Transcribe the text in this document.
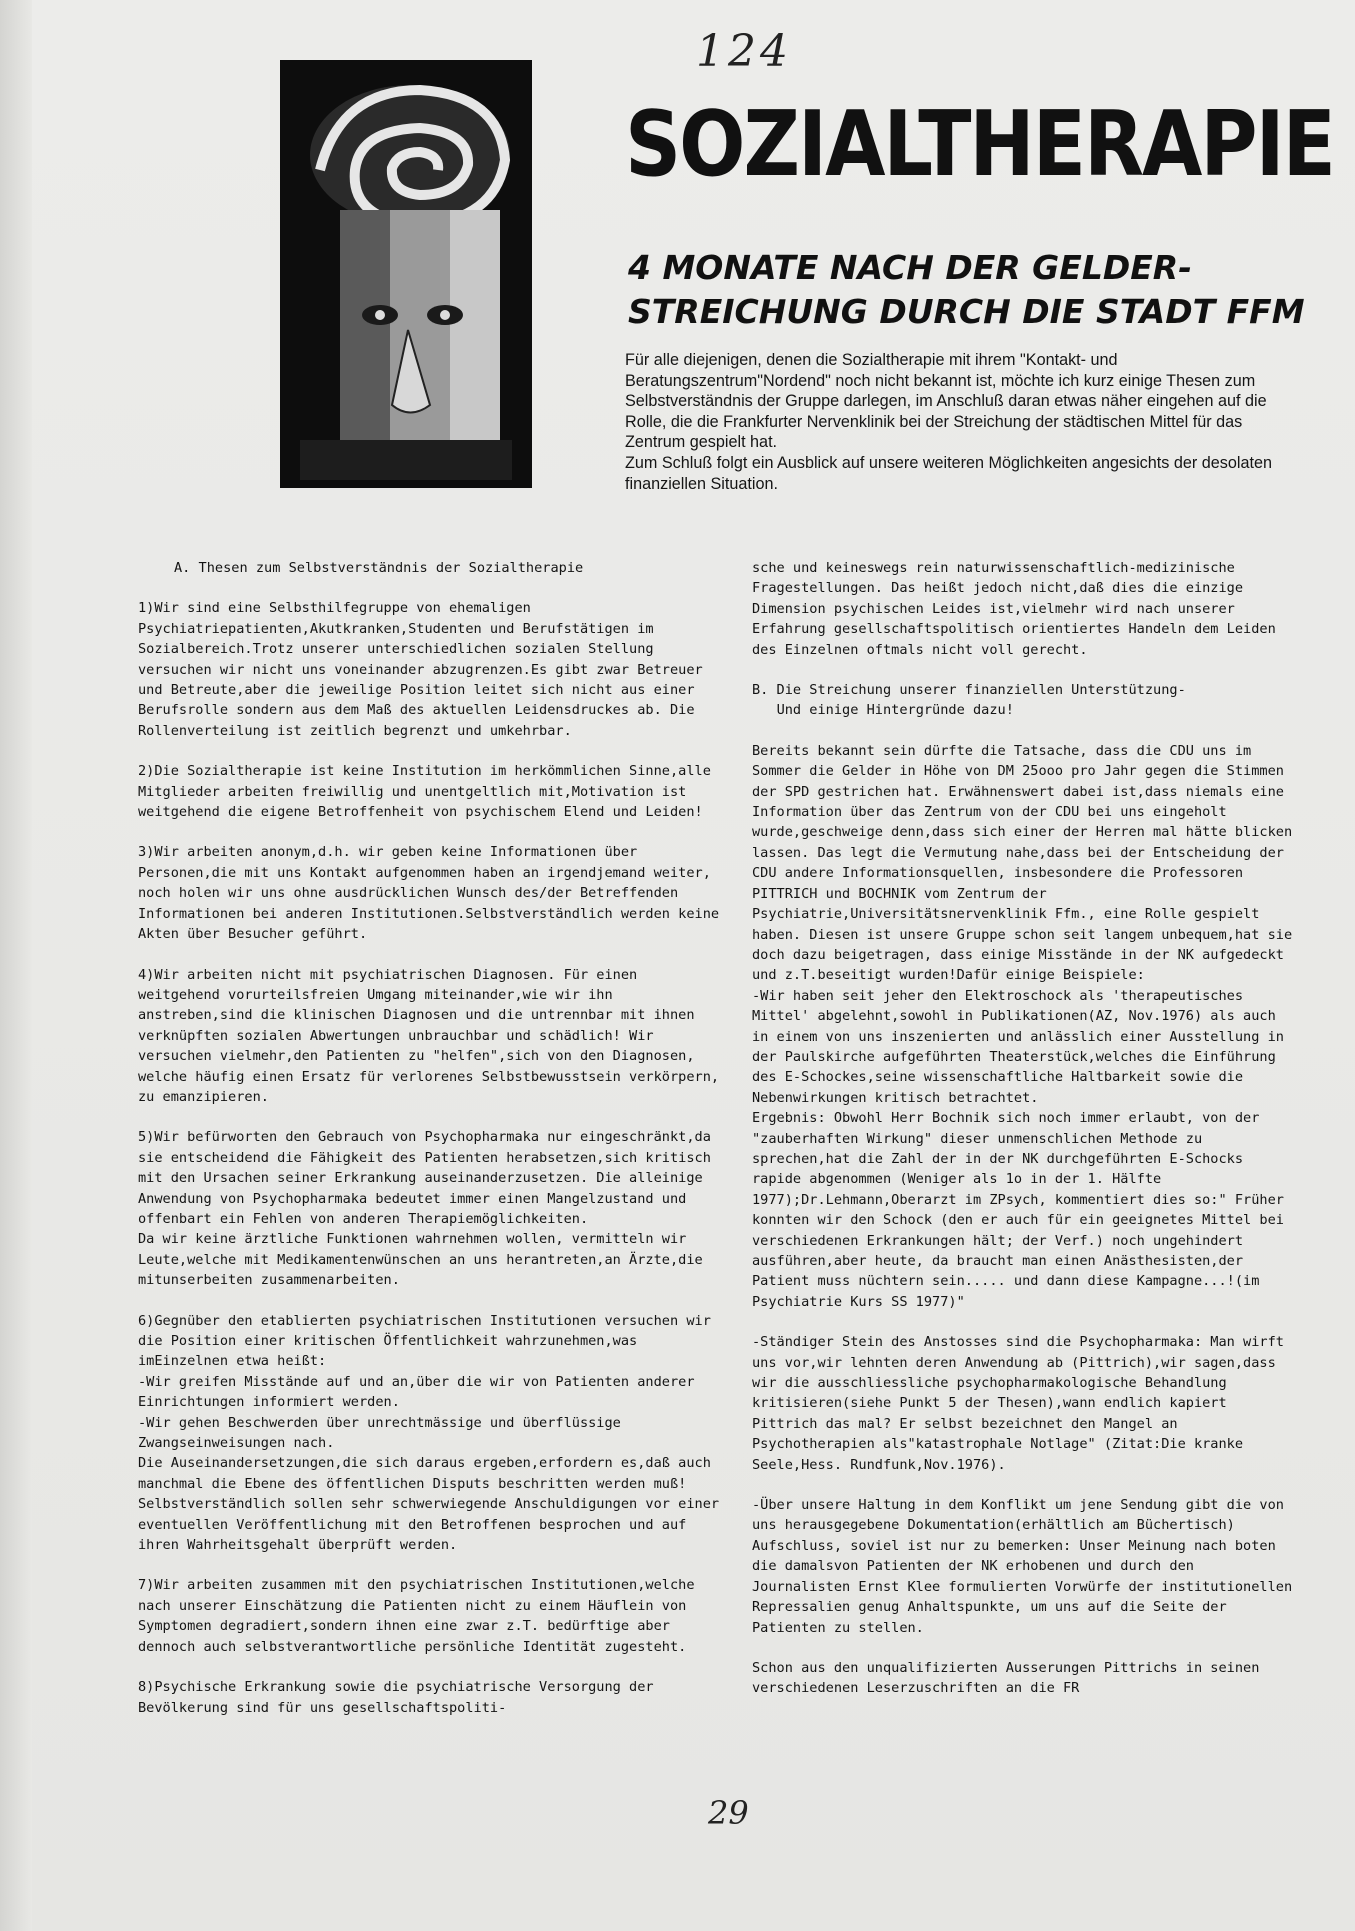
124
SOZIALTHERAPIE
4 MONATE NACH DER GELDER-
STREICHUNG DURCH DIE STADT FFM

Für alle diejenigen, denen die Sozialtherapie mit ihrem "Kontakt- und Beratungszentrum"Nordend" noch nicht bekannt ist, möchte ich kurz einige Thesen zum Selbstverständnis der Gruppe darlegen, im Anschluß daran etwas näher eingehen auf die Rolle, die die Frankfurter Nervenklinik bei der Streichung der städtischen Mittel für das Zentrum gespielt hat.

Zum Schluß folgt ein Ausblick auf unsere weiteren Möglichkeiten angesichts der desolaten finanziellen Situation.

A. Thesen zum Selbstverständnis der Sozialtherapie

1)Wir sind eine Selbsthilfegruppe von ehemaligen Psychiatriepatienten,Akutkranken,Studenten und Berufstätigen im Sozialbereich.Trotz unserer unterschiedlichen sozialen Stellung versuchen wir nicht uns voneinander abzugrenzen.Es gibt zwar Betreuer und Betreute,aber die jeweilige Position leitet sich nicht aus einer Berufsrolle sondern aus dem Maß des aktuellen Leidensdruckes ab. Die Rollenverteilung ist zeitlich begrenzt und umkehrbar.

2)Die Sozialtherapie ist keine Institution im herkömmlichen Sinne,alle Mitglieder arbeiten freiwillig und unentgeltlich mit,Motivation ist weitgehend die eigene Betroffenheit von psychischem Elend und Leiden!

3)Wir arbeiten anonym,d.h. wir geben keine Informationen über Personen,die mit uns Kontakt aufgenommen haben an irgendjemand weiter, noch holen wir uns ohne ausdrücklichen Wunsch des/der Betreffenden Informationen bei anderen Institutionen.Selbstverständlich werden keine Akten über Besucher geführt.

4)Wir arbeiten nicht mit psychiatrischen Diagnosen. Für einen weitgehend vorurteilsfreien Umgang miteinander,wie wir ihn anstreben,sind die klinischen Diagnosen und die untrennbar mit ihnen verknüpften sozialen Abwertungen unbrauchbar und schädlich! Wir versuchen vielmehr,den Patienten zu "helfen",sich von den Diagnosen, welche häufig einen Ersatz für verlorenes Selbstbewusstsein verkörpern, zu emanzipieren.

5)Wir befürworten den Gebrauch von Psychopharmaka nur eingeschränkt,da sie entscheidend die Fähigkeit des Patienten herabsetzen,sich kritisch mit den Ursachen seiner Erkrankung auseinanderzusetzen. Die alleinige Anwendung von Psychopharmaka bedeutet immer einen Mangelzustand und offenbart ein Fehlen von anderen Therapiemöglichkeiten.
Da wir keine ärztliche Funktionen wahrnehmen wollen, vermitteln wir Leute,welche mit Medikamentenwünschen an uns herantreten,an Ärzte,die mitunserbeiten zusammenarbeiten.

6)Gegnüber den etablierten psychiatrischen Institutionen versuchen wir die Position einer kritischen Öffentlichkeit wahrzunehmen,was imEinzelnen etwa heißt:
-Wir greifen Misstände auf und an,über die wir von Patienten anderer Einrichtungen informiert werden.
-Wir gehen Beschwerden über unrechtmässige und überflüssige Zwangseinweisungen nach.
Die Auseinandersetzungen,die sich daraus ergeben,erfordern es,daß auch manchmal die Ebene des öffentlichen Disputs beschritten werden muß! Selbstverständlich sollen sehr schwerwiegende Anschuldigungen vor einer eventuellen Veröffentlichung mit den Betroffenen besprochen und auf ihren Wahrheitsgehalt überprüft werden.

7)Wir arbeiten zusammen mit den psychiatrischen Institutionen,welche nach unserer Einschätzung die Patienten nicht zu einem Häuflein von Symptomen degradiert,sondern ihnen eine zwar z.T. bedürftige aber dennoch auch selbstverantwortliche persönliche Identität zugesteht.

8)Psychische Erkrankung sowie die psychiatrische Versorgung der Bevölkerung sind für uns gesellschaftspoliti-

sche und keineswegs rein naturwissenschaftlich-medizinische Fragestellungen. Das heißt jedoch nicht,daß dies die einzige Dimension psychischen Leides ist,vielmehr wird nach unserer Erfahrung gesellschaftspolitisch orientiertes Handeln dem Leiden des Einzelnen oftmals nicht voll gerecht.

B. Die Streichung unserer finanziellen Unterstützung-
Und einige Hintergründe dazu!

Bereits bekannt sein dürfte die Tatsache, dass die CDU uns im Sommer die Gelder in Höhe von DM 25ooo pro Jahr gegen die Stimmen der SPD gestrichen hat. Erwähnenswert dabei ist,dass niemals eine Information über das Zentrum von der CDU bei uns eingeholt wurde,geschweige denn,dass sich einer der Herren mal hätte blicken lassen. Das legt die Vermutung nahe,dass bei der Entscheidung der CDU andere Informationsquellen, insbesondere die Professoren PITTRICH und BOCHNIK vom Zentrum der Psychiatrie,Universitätsnervenklinik Ffm., eine Rolle gespielt haben. Diesen ist unsere Gruppe schon seit langem unbequem,hat sie doch dazu beigetragen, dass einige Misstände in der NK aufgedeckt und z.T.beseitigt wurden!Dafür einige Beispiele:
-Wir haben seit jeher den Elektroschock als 'therapeutisches Mittel' abgelehnt,sowohl in Publikationen(AZ, Nov.1976) als auch in einem von uns inszenierten und anlässlich einer Ausstellung in der Paulskirche aufgeführten Theaterstück,welches die Einführung des E-Schockes,seine wissenschaftliche Haltbarkeit sowie die Nebenwirkungen kritisch betrachtet.
Ergebnis: Obwohl Herr Bochnik sich noch immer erlaubt, von der "zauberhaften Wirkung" dieser unmenschlichen Methode zu sprechen,hat die Zahl der in der NK durchgeführten E-Schocks rapide abgenommen (Weniger als 1o in der 1. Hälfte 1977);Dr.Lehmann,Oberarzt im ZPsych, kommentiert dies so:" Früher konnten wir den Schock (den er auch für ein geeignetes Mittel bei verschiedenen Erkrankungen hält; der Verf.) noch ungehindert ausführen,aber heute, da braucht man einen Anästhesisten,der Patient muss nüchtern sein..... und dann diese Kampagne...!(im Psychiatrie Kurs SS 1977)"

-Ständiger Stein des Anstosses sind die Psychopharmaka: Man wirft uns vor,wir lehnten deren Anwendung ab (Pittrich),wir sagen,dass wir die ausschliessliche psychopharmakologische Behandlung kritisieren(siehe Punkt 5 der Thesen),wann endlich kapiert Pittrich das mal? Er selbst bezeichnet den Mangel an Psychotherapien als"katastrophale Notlage" (Zitat:Die kranke Seele,Hess. Rundfunk,Nov.1976).

-Über unsere Haltung in dem Konflikt um jene Sendung gibt die von uns herausgegebene Dokumentation(erhältlich am Büchertisch) Aufschluss, soviel ist nur zu bemerken: Unser Meinung nach boten die damalsvon Patienten der NK erhobenen und durch den Journalisten Ernst Klee formulierten Vorwürfe der institutionellen Repressalien genug Anhaltspunkte, um uns auf die Seite der Patienten zu stellen.

Schon aus den unqualifizierten Ausserungen Pittrichs in seinen verschiedenen Leserzuschriften an die FR

29
